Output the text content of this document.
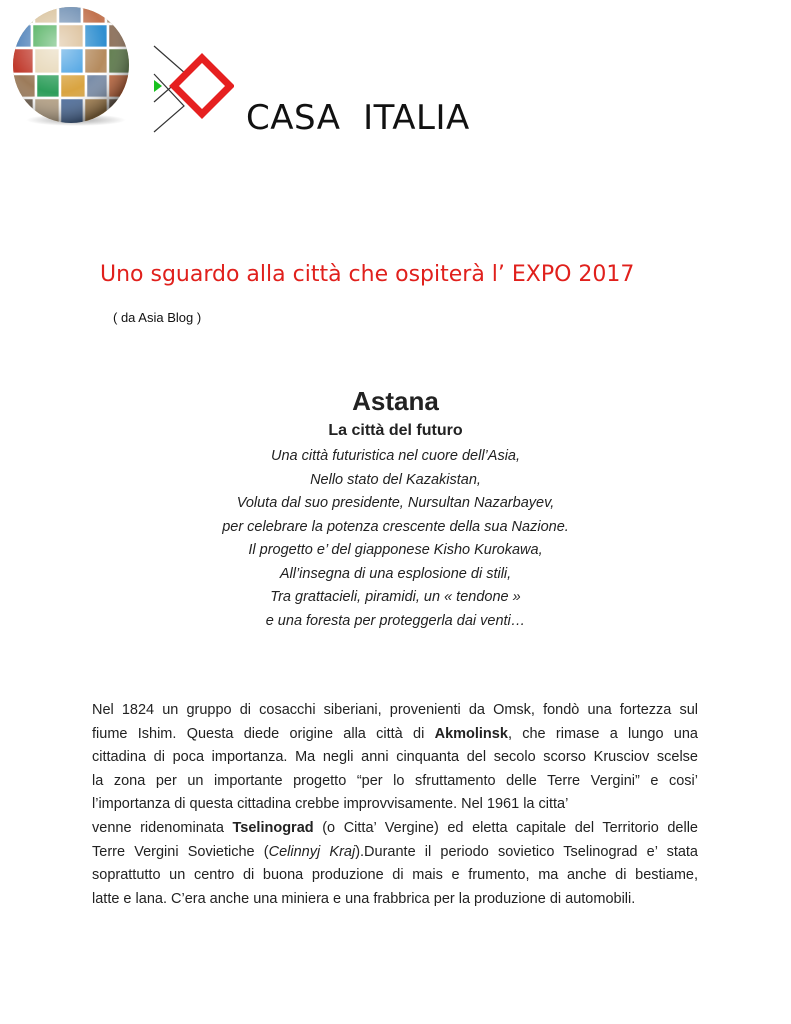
CASA  ITALIA
Uno sguardo alla città che ospiterà l’ EXPO 2017
( da Asia Blog )
Astana
La città del futuro
Una città futuristica nel cuore dell’Asia,
Nello stato del Kazakistan,
Voluta dal suo presidente, Nursultan Nazarbayev,
per celebrare la potenza crescente della sua Nazione.
Il progetto e’ del giapponese Kisho Kurokawa,
All’insegna di una esplosione di stili,
Tra grattacieli, piramidi, un « tendone »
e una foresta per proteggerla dai venti…
Nel 1824 un gruppo di cosacchi siberiani, provenienti da Omsk, fondò una fortezza sul
fiume Ishim. Questa diede origine alla città di Akmolinsk, che rimase a lungo una
cittadina di poca importanza. Ma negli anni cinquanta del secolo scorso Krusciov scelse
la zona per un importante progetto “per lo sfruttamento delle Terre Vergini” e cosi’
l’importanza di questa cittadina crebbe improvvisamente. Nel 1961 la citta’
venne ridenominata Tselinograd (o Citta’ Vergine) ed eletta capitale del Territorio delle
Terre Vergini Sovietiche (Celinnyj Kraj).Durante il periodo sovietico Tselinograd e’ stata
soprattutto un centro di buona produzione di mais e frumento, ma anche di bestiame,
latte e lana. C’era anche una miniera e una frabbrica per la produzione di automobili.
